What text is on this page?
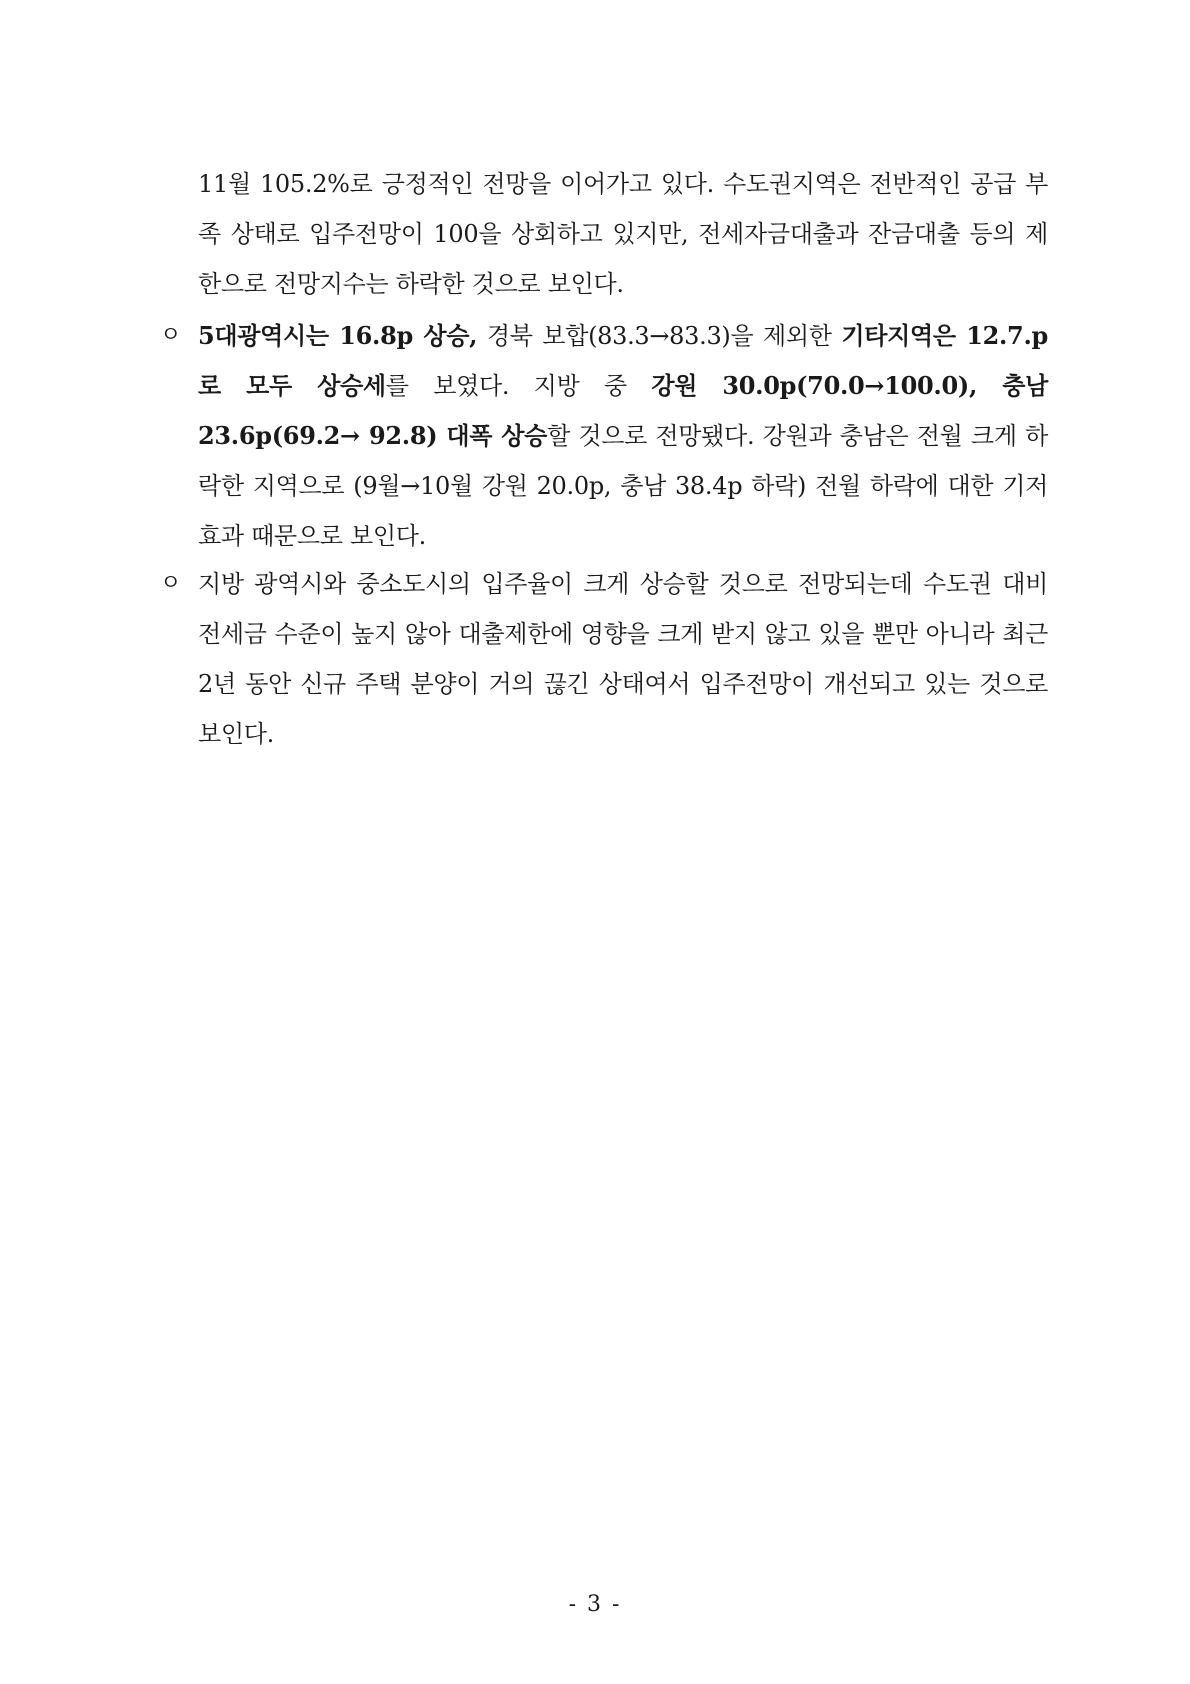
11월 105.2%로 긍정적인 전망을 이어가고 있다. 수도권지역은 전반적인 공급 부족 상태로 입주전망이 100을 상회하고 있지만, 전세자금대출과 잔금대출 등의 제한으로 전망지수는 하락한 것으로 보인다.

ㅇ 5대광역시는 16.8p 상승, 경북 보합(83.3→83.3)을 제외한 기타지역은 12.7.p로 모두 상승세를 보였다. 지방 중 강원 30.0p(70.0→100.0), 충남 23.6p(69.2→ 92.8) 대폭 상승할 것으로 전망됐다. 강원과 충남은 전월 크게 하락한 지역으로 (9월→10월 강원 20.0p, 충남 38.4p 하락) 전월 하락에 대한 기저효과 때문으로 보인다.

ㅇ 지방 광역시와 중소도시의 입주율이 크게 상승할 것으로 전망되는데 수도권 대비 전세금 수준이 높지 않아 대출제한에 영향을 크게 받지 않고 있을 뿐만 아니라 최근 2년 동안 신규 주택 분양이 거의 끊긴 상태여서 입주전망이 개선되고 있는 것으로 보인다.

- 3 -
